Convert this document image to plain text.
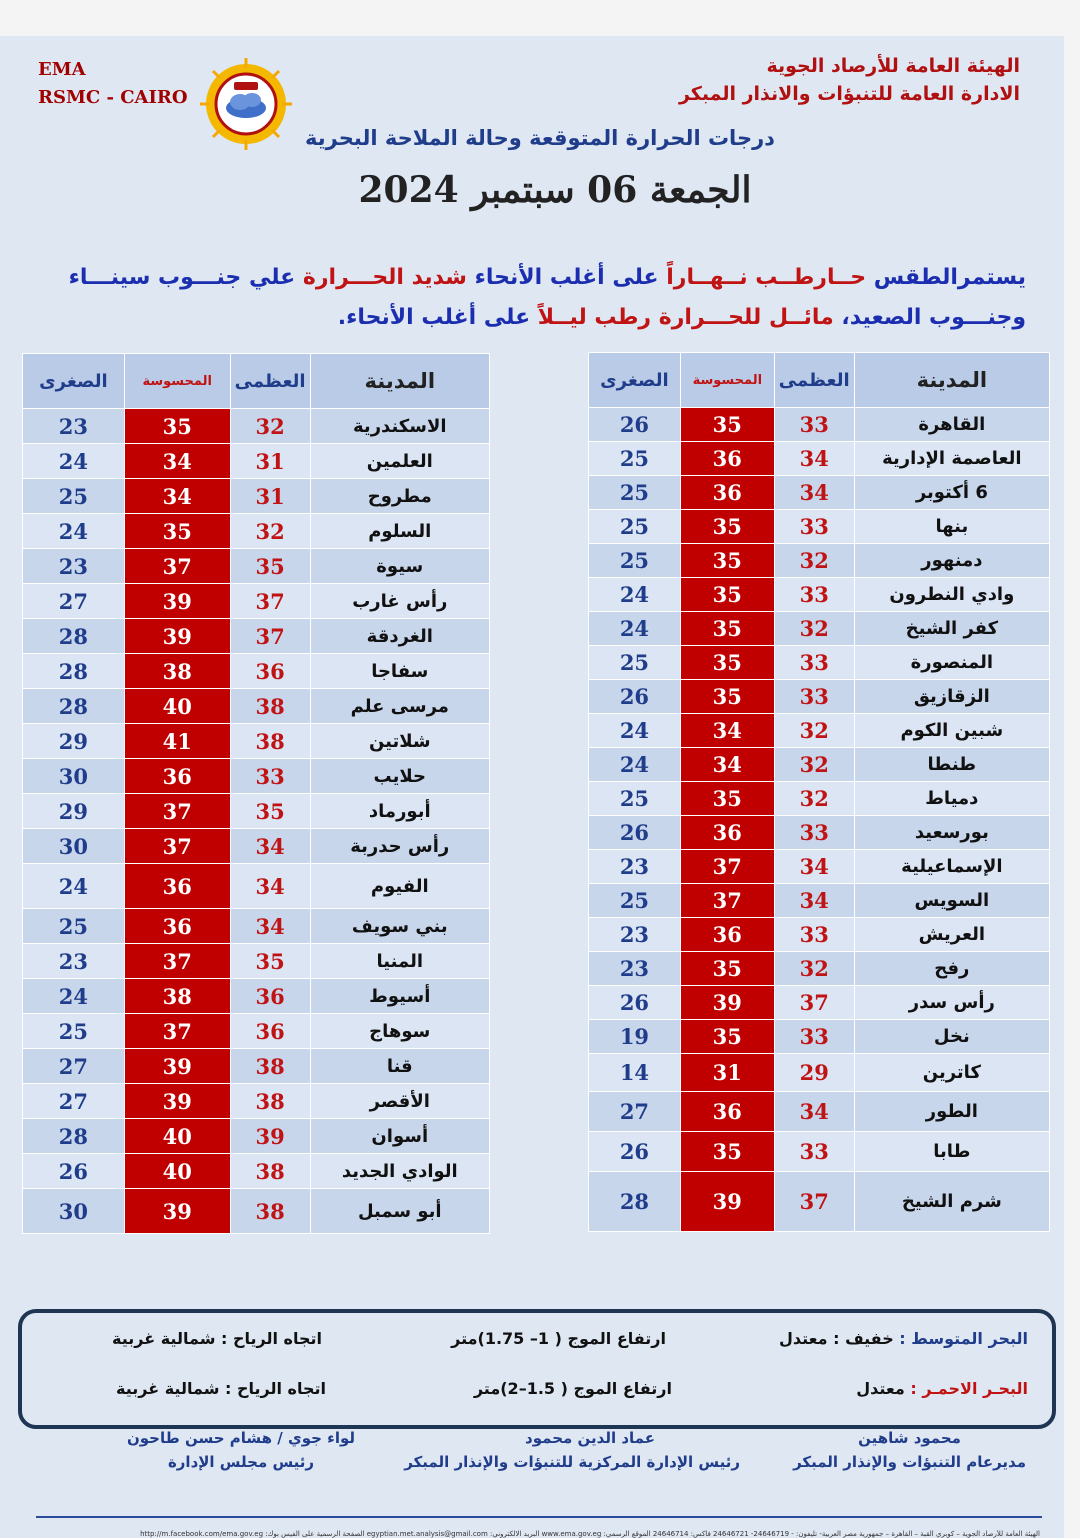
EMA
RSMC - CAIRO
الهيئة العامة للأرصاد الجوية
الادارة العامة للتنبؤات والانذار المبكر
درجات الحرارة المتوقعة وحالة الملاحة البحرية
الجمعة 06 سبتمبر 2024
يستمرالطقس حــارطــب نــهــاراً على أغلب الأنحاء شديد الحـــرارة علي جنـــوب سينـــاء وجنـــوب الصعيد، مائــل للحـــرارة رطب ليــلاً على أغلب الأنحاء.
المدينة	العظمى	المحسوسة	الصغرى
القاهرة	33	35	26
العاصمة الإدارية	34	36	25
6 أكتوبر	34	36	25
بنها	33	35	25
دمنهور	32	35	25
وادي النطرون	33	35	24
كفر الشيخ	32	35	24
المنصورة	33	35	25
الزقازيق	33	35	26
شبين الكوم	32	34	24
طنطا	32	34	24
دمياط	32	35	25
بورسعيد	33	36	26
الإسماعيلية	34	37	23
السويس	34	37	25
العريش	33	36	23
رفح	32	35	23
رأس سدر	37	39	26
نخل	33	35	19
كاترين	29	31	14
الطور	34	36	27
طابا	33	35	26
شرم الشيخ	37	39	28
المدينة	العظمى	المحسوسة	الصغرى
الاسكندرية	32	35	23
العلمين	31	34	24
مطروح	31	34	25
السلوم	32	35	24
سيوة	35	37	23
رأس غارب	37	39	27
الغردقة	37	39	28
سفاجا	36	38	28
مرسى علم	38	40	28
شلاتين	38	41	29
حلايب	33	36	30
أبورماد	35	37	29
رأس حدربة	34	37	30
الفيوم	34	36	24
بني سويف	34	36	25
المنيا	35	37	23
أسيوط	36	38	24
سوهاج	36	37	25
قنا	38	39	27
الأقصر	38	39	27
أسوان	39	40	28
الوادي الجديد	38	40	26
أبو سمبل	38	39	30
البحر المتوسط : خفيف : معتدل
ارتفاع الموج ( 1– 1.75)متر
اتجاه الرياح : شمالية غربية
البحـر الاحمـر : معتدل
ارتفاع الموج ( 1.5–2)متر
اتجاه الرياح : شمالية غربية
محمود شاهين
مديرعام التنبؤات والإنذار المبكر
عماد الدين محمود
رئيس الإدارة المركزية للتنبؤات والإنذار المبكر
لواء جوي / هشام حسن طاحون
رئيس مجلس الإدارة
الهيئة العامة للأرصاد الجوية – كوبري القبة – القاهرة – جمهورية مصر العربية- تليفون: - 24646719- 24646721 فاكس: 24646714 الموقع الرسمي: www.ema.gov.eg البريد الالكتروني: egyptian.met.analysis@gmail.com الصفحة الرسمية على الفيس بوك: http://m.facebook.com/ema.gov.eg
